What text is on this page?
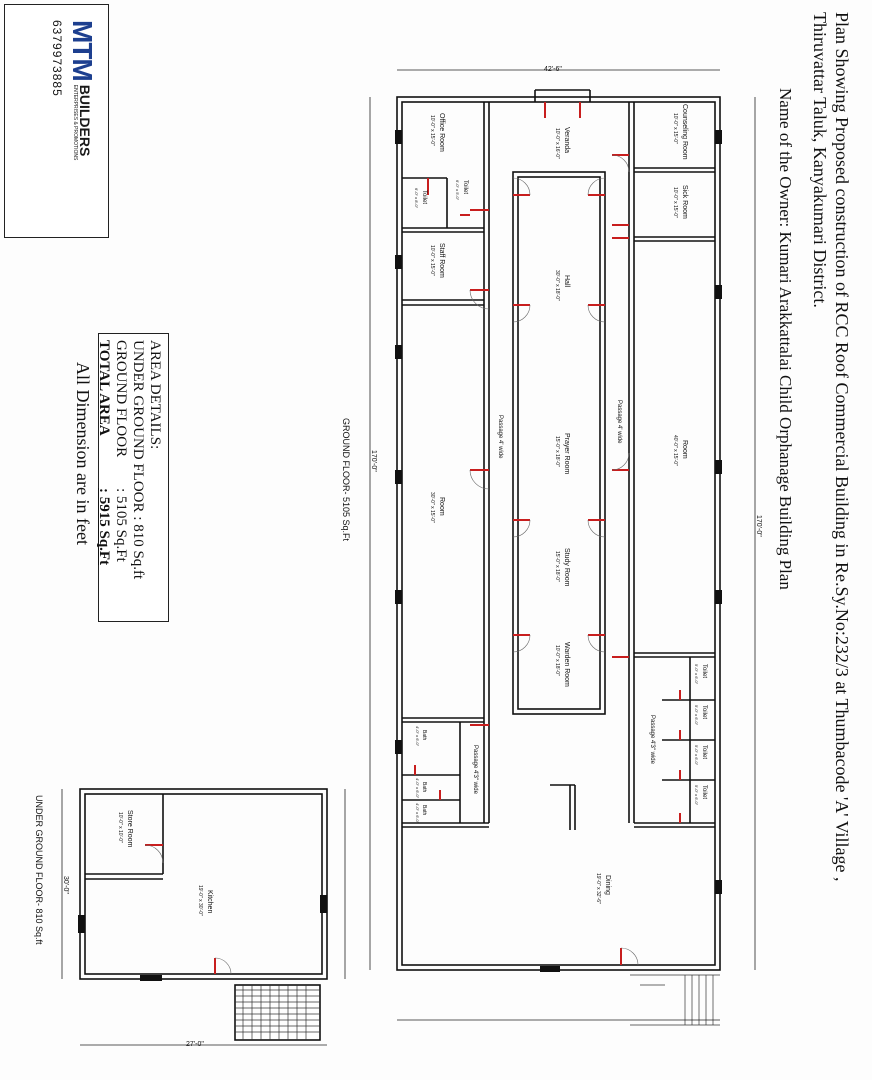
Plan Showing Proposed construction of RCC Roof Commercial Building in Re.Sy.No:232/3 at Thumbacode 'A' Village ,
Thiruvattar Taluk, Kanyakumari District.
Name of the Owner: Kumari Arakkattalai Child Orphanage Building Plan
GROUND FLOOR- 5105 Sq.Ft
UNDER GROUND FLOOR- 810 Sq.ft
42'-6"
170'-0"
170'-0"
27'-0"
30'-0"
Counseling Room
10'-0" x 15'-0"
Sick Room
10'-0" x 15'-0"
Room
40'-0" x 15'-0"
Veranda
10'-0" x 16'-0"
Hall
30'-0" x 18'-0"
Prayer Room
15'-0" x 18'-0"
Study Room
15'-0" x 18'-0"
Warden Room
10'-0" x 18'-0"
Office Room
10'-0" x 15'-0"
Toilet
6'-0" x 8'-0"
Toilet
6'-0" x 5'-0"
Staff Room
10'-0" x 15'-0"
Room
30'-0" x 15'-0"
Dining
19'-0" x 32'-6"
Toilet
5'-0" x 6'-0"
Toilet
5'-0" x 6'-0"
Toilet
5'-0" x 6'-0"
Toilet
5'-0" x 6'-0"
Bath
4'-0" x 6'-0"
Bath
4'-0" x 6'-0"
Bath
4'-0" x 6'-0"
Passage 4' wide
Passage 4' wide
Passage 4'3" wide
Passage 4'3" wide
Store Room
10'-0" x 10'-0"
Kitchen
19'-0" x 30'-0"
AREA DETAILS:
UNDER GROUND FLOOR : 810 Sq.ft
GROUND FLOOR: 5105 Sq.Ft
TOTAL AREA: 5915 Sq.Ft
All Dimension are in feet
MTM
BUILDERS
ENTERPRISES & PROMOTIONS
6379973885
